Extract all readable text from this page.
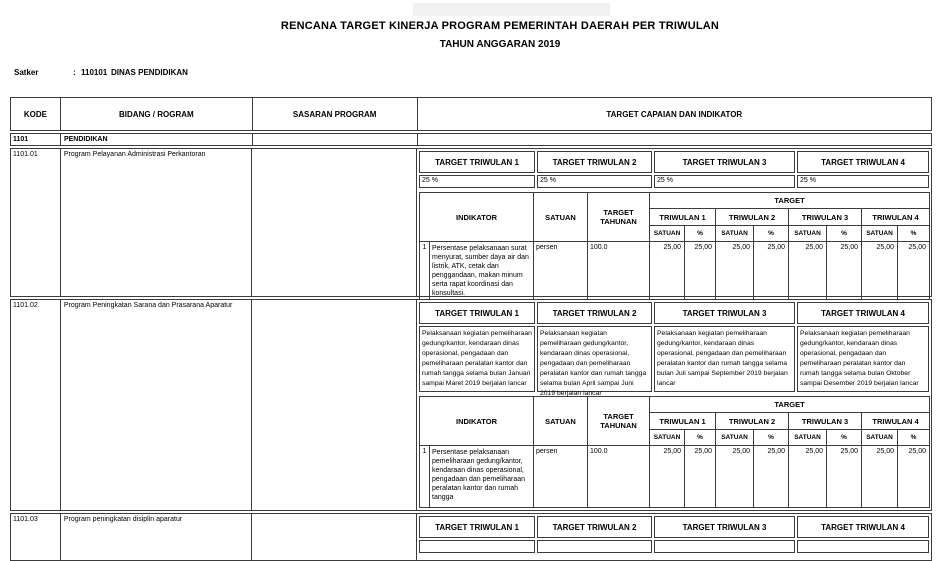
RENCANA TARGET KINERJA PROGRAM PEMERINTAH DAERAH PER TRIWULAN
TAHUN ANGGARAN 2019
Satker	: 110101 DINAS PENDIDIKAN
KODE	BIDANG / ROGRAM	SASARAN PROGRAM	TARGET CAPAIAN DAN INDIKATOR
1101	PENDIDIKAN
1101.01	Program Pelayanan Administrasi Perkantoran
TARGET TRIWULAN 1	TARGET TRIWULAN 2	TARGET TRIWULAN 3	TARGET TRIWULAN 4
25 %	25 %	25 %	25 %
INDIKATOR		SATUAN	TARGET TAHUNAN	TARGET							
				TRIWULAN 1		TRIWULAN 2		TRIWULAN 3		TRIWULAN 4	
				SATUAN	%	SATUAN	%	SATUAN	%	SATUAN	%
1	Persentase pelaksanaan surat menyurat, sumber daya air dan listrik, ATK, cetak dan penggandaan, makan minum serta rapat koordinasi dan konsultasi.	persen	100.0	25,00	25,00	25,00	25,00	25,00	25,00	25,00	25,00
1101.02	Program Peningkatan Sarana dan Prasarana Aparatur
TARGET TRIWULAN 1	TARGET TRIWULAN 2	TARGET TRIWULAN 3	TARGET TRIWULAN 4
Pelaksanaan kegiatan pemeliharaan gedung/kantor, kendaraan dinas operasional, pengadaan dan pemeliharaan peralatan kantor dan rumah tangga selama bulan Januari sampai Maret 2019 berjalan lancar
Pelaksanaan kegiatan pemeliharaan gedung/kantor, kendaraan dinas operasional, pengadaan dan pemeliharaan peralatan kantor dan rumah tangga selama bulan April sampai Juni 2019 berjalan lancar
Pelaksanaan kegiatan pemeliharaan gedung/kantor, kendaraan dinas operasional, pengadaan dan pemeliharaan peralatan kantor dan rumah tangga selama bulan Juli sampai September 2019 berjalan lancar
Pelaksanaan kegiatan pemeliharaan gedung/kantor, kendaraan dinas operasional, pengadaan dan pemeliharaan peralatan kantor dan rumah tangga selama bulan Oktober sampai Desember 2019 berjalan lancar
INDIKATOR		SATUAN	TARGET TAHUNAN	TARGET							
				TRIWULAN 1		TRIWULAN 2		TRIWULAN 3		TRIWULAN 4	
				SATUAN	%	SATUAN	%	SATUAN	%	SATUAN	%
1	Persentase pelaksanaan pemeliharaan gedung/kantor, kendaraan dinas operasional, pengadaan dan pemeliharaan peralatan kantor dan rumah tangga	persen	100.0	25,00	25,00	25,00	25,00	25,00	25,00	25,00	25,00
1101.03	Program peningkatan disiplin aparatur
TARGET TRIWULAN 1	TARGET TRIWULAN 2	TARGET TRIWULAN 3	TARGET TRIWULAN 4
